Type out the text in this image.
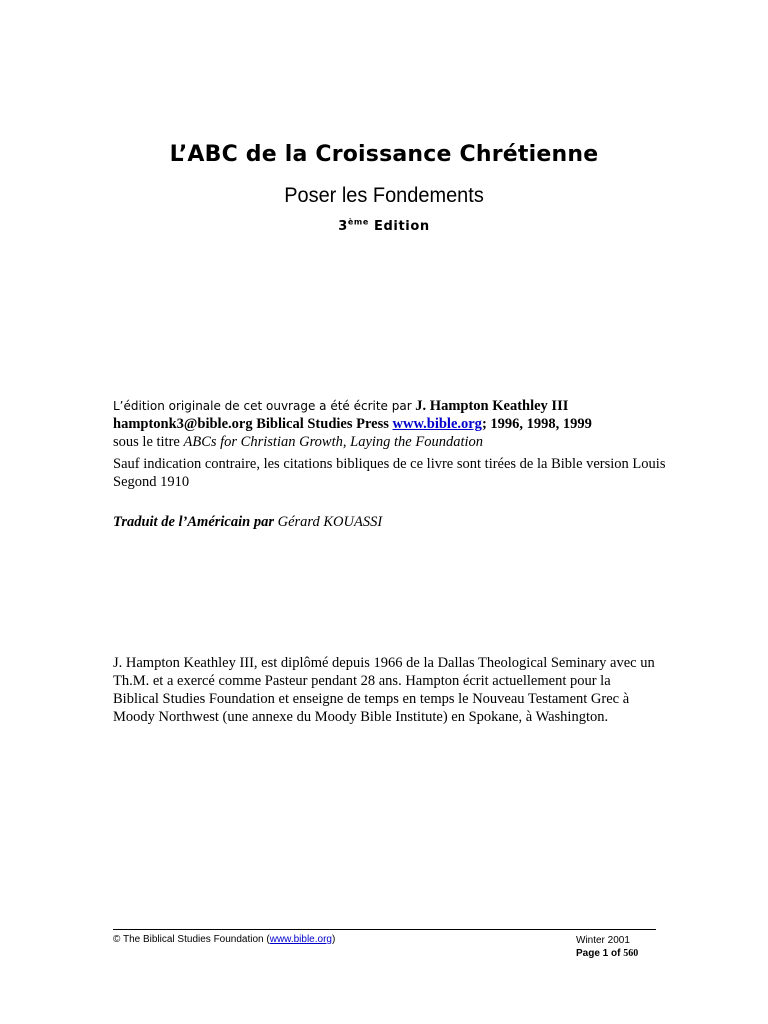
L’ABC de la Croissance Chrétienne
Poser les Fondements
3ème Edition

L’édition originale de cet ouvrage a été écrite par J. Hampton Keathley III

hamptonk3@bible.org Biblical Studies Press www.bible.org; 1996, 1998, 1999

sous le titre ABCs for Christian Growth, Laying the Foundation

Sauf indication contraire, les citations bibliques de ce livre sont tirées de la Bible version Louis Segond 1910

Traduit de l’Américain par Gérard KOUASSI
J. Hampton Keathley III, est diplômé depuis 1966 de la Dallas Theological Seminary avec un Th.M. et a exercé comme Pasteur pendant 28 ans. Hampton écrit actuellement pour la Biblical Studies Foundation et enseigne de temps en temps le Nouveau Testament Grec à Moody Northwest (une annexe du Moody Bible Institute) en Spokane, à Washington.
© The Biblical Studies Foundation (www.bible.org)	Winter 2001
Page 1 of 560
